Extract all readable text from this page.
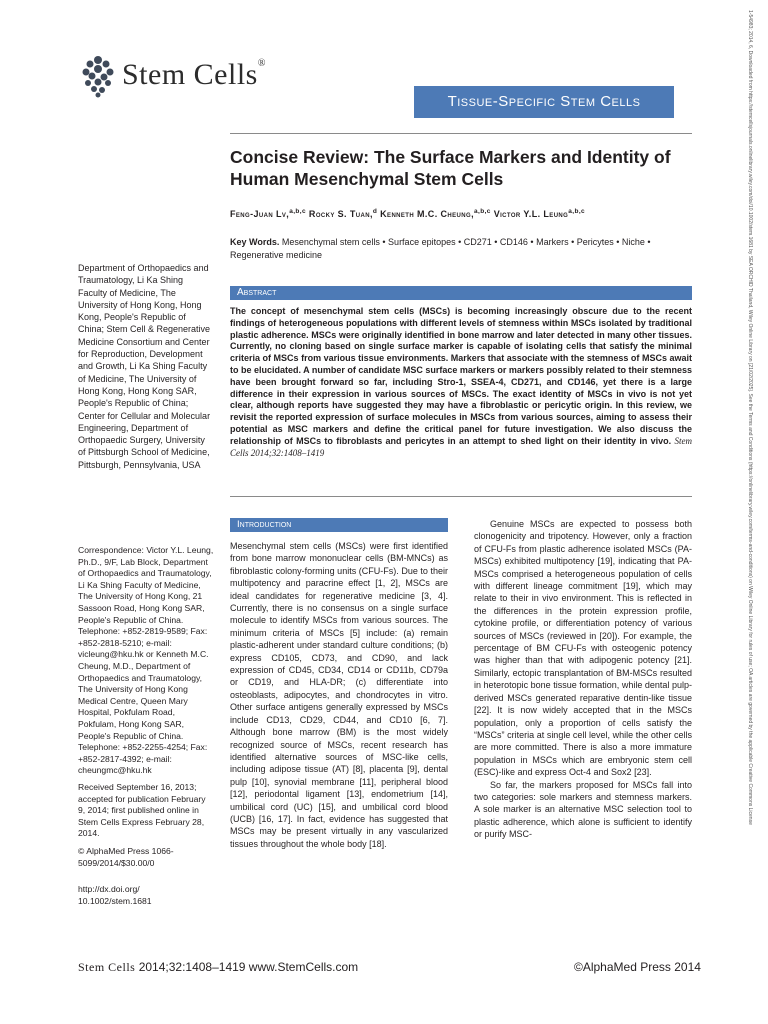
Stem Cells®
Tissue-Specific Stem Cells
Concise Review: The Surface Markers and Identity of Human Mesenchymal Stem Cells
Feng-Juan Lv,$^{a,b,c}$ Rocky S. Tuan,$^d$ Kenneth M.C. Cheung,$^{a,b,c}$ Victor Y.L. Leung$^{a,b,c}$
Key Words. Mesenchymal stem cells • Surface epitopes • CD271 • CD146 • Markers • Pericytes • Niche • Regenerative medicine
Abstract

The concept of mesenchymal stem cells (MSCs) is becoming increasingly obscure due to the recent findings of heterogeneous populations with different levels of stemness within MSCs isolated by traditional plastic adherence. MSCs were originally identified in bone marrow and later detected in many other tissues. Currently, no cloning based on single surface marker is capable of isolating cells that satisfy the minimal criteria of MSCs from various tissue environments. Markers that associate with the stemness of MSCs await to be elucidated. A number of candidate MSC surface markers or markers possibly related to their stemness have been brought forward so far, including Stro-1, SSEA-4, CD271, and CD146, yet there is a large difference in their expression in various sources of MSCs. The exact identity of MSCs in vivo is not yet clear, although reports have suggested they may have a fibroblastic or pericytic origin. In this review, we revisit the reported expression of surface molecules in MSCs from various sources, aiming to assess their potential as MSC markers and define the critical panel for future investigation. We also discuss the relationship of MSCs to fibroblasts and pericytes in an attempt to shed light on their identity in vivo. Stem Cells 2014;32:1408–1419

Department of Orthopaedics and Traumatology, Li Ka Shing Faculty of Medicine, The University of Hong Kong, Hong Kong, People's Republic of China; Stem Cell & Regenerative Medicine Consortium and Center for Reproduction, Development and Growth, Li Ka Shing Faculty of Medicine, The University of Hong Kong, Hong Kong SAR, People's Republic of China; Center for Cellular and Molecular Engineering, Department of Orthopaedic Surgery, University of Pittsburgh School of Medicine, Pittsburgh, Pennsylvania, USA

Correspondence: Victor Y.L. Leung, Ph.D., 9/F, Lab Block, Department of Orthopaedics and Traumatology, Li Ka Shing Faculty of Medicine, The University of Hong Kong, 21 Sassoon Road, Hong Kong SAR, People's Republic of China. Telephone: +852-2819-9589; Fax: +852-2818-5210; e-mail: vicleung@hku.hk or Kenneth M.C. Cheung, M.D., Department of Orthopaedics and Traumatology, The University of Hong Kong Medical Centre, Queen Mary Hospital, Pokfulam Road, Pokfulam, Hong Kong SAR, People's Republic of China. Telephone: +852-2255-4254; Fax: +852-2817-4392; e-mail: cheungmc@hku.hk

Received September 16, 2013; accepted for publication February 9, 2014; first published online in Stem Cells Express February 28, 2014.

© AlphaMed Press 1066-5099/2014/$30.00/0

http://dx.doi.org/ 10.1002/stem.1681

Introduction

Mesenchymal stem cells (MSCs) were first identified from bone marrow mononuclear cells (BM-MNCs) as fibroblastic colony-forming units (CFU-Fs). Due to their multipotency and paracrine effect [1, 2], MSCs are ideal candidates for regenerative medicine [3, 4]. Currently, there is no consensus on a single surface molecule to identify MSCs from various sources. The minimum criteria of MSCs [5] include: (a) remain plastic-adherent under standard culture conditions; (b) express CD105, CD73, and CD90, and lack expression of CD45, CD34, CD14 or CD11b, CD79a or CD19, and HLA-DR; (c) differentiate into osteoblasts, adipocytes, and chondrocytes in vitro. Other surface antigens generally expressed by MSCs include CD13, CD29, CD44, and CD10 [6, 7]. Although bone marrow (BM) is the most widely recognized source of MSCs, recent research has identified alternative sources of MSC-like cells, including adipose tissue (AT) [8], placenta [9], dental pulp [10], synovial membrane [11], peripheral blood [12], periodontal ligament [13], endometrium [14], umbilical cord (UC) [15], and umbilical cord blood (UCB) [16, 17]. In fact, evidence has suggested that MSCs may be present virtually in any vascularized tissues throughout the whole body [18].

Genuine MSCs are expected to possess both clonogenicity and tripotency. However, only a fraction of CFU-Fs from plastic adherence isolated MSCs (PA-MSCs) exhibited multipotency [19], indicating that PA-MSCs comprised a heterogeneous population of cells with different lineage commitment [19], which may relate to their in vivo environment. This is reflected in the differences in the protein expression profile, cytokine profile, or differentiation potency of various sources of MSCs (reviewed in [20]). For example, the percentage of BM CFU-Fs with osteogenic potency was higher than that with adipogenic potency [21]. Similarly, ectopic transplantation of BM-MSCs resulted in heterotopic bone tissue formation, while dental pulp-derived MSCs generated reparative dentin-like tissue [22]. It is now widely accepted that in the MSCs population, only a proportion of cells satisfy the “MSCs” criteria at single cell level, while the other cells are more committed. There is also a more immature population in MSCs which are embryonic stem cell (ESC)-like and express Oct-4 and Sox2 [23].

So far, the markers proposed for MSCs fall into two categories: sole markers and stemness markers. A sole marker is an alternative MSC selection tool to plastic adherence, which alone is sufficient to identify or purify MSC-

Stem Cells 2014;32:1408–1419 www.StemCells.com	©AlphaMed Press 2014
1-54983; 2014, 6, Downloaded from https://stemcellsjournals.onlinelibrary.wiley.com/doi/10.1002/stem.1681 by SEA ORCHID Thailand, Wiley Online Library on [21/02/2025]. See the Terms and Conditions (https://onlinelibrary.wiley.com/terms-and-conditions) on Wiley Online Library for rules of use; OA articles are governed by the applicable Creative Commons License
